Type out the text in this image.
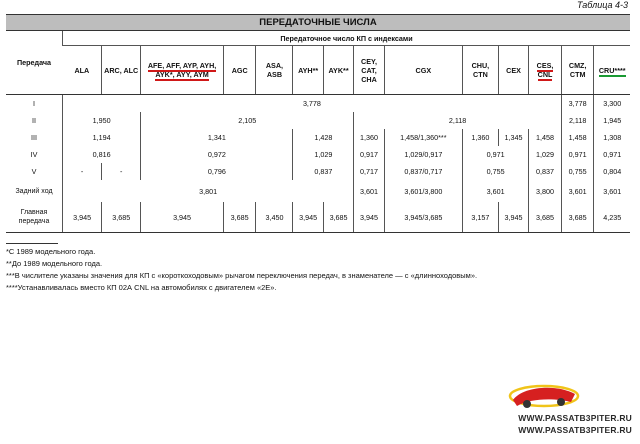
Таблица 4-3
ПЕРЕДАТОЧНЫЕ ЧИСЛА
Передача	Передаточное число КП с индексами													
	ALA	ARC, ALC	AFE, AFF, AYP, AYH, AYK*, AYY, AYM	AGC	ASA, ASB	AYH**	AYK**	CEY, CAT, CHA	CGX	CHU, CTN	CEX	CES, CNL	CMZ, CTM	CRU****
I	3,778												3,778	3,300
II	1,950		2,105					2,118					2,118	1,945
III	1,194		1,341			1,428		1,360	1,458/1,360***	1,360	1,345	1,458	1,458	1,308
IV	0,816		0,972			1,029		0,917	1,029/0,917	0,971		1,029	0,971	0,971
V	-	-	0,796			0,837		0,717	0,837/0,717	0,755		0,837	0,755	0,804
Задний ход	3,801							3,601	3,601/3,800	3,601		3,800	3,601	3,601
Главная передача	3,945	3,685	3,945	3,685	3,450	3,945	3,685	3,945	3,945/3,685	3,157	3,945	3,685	3,685	4,235
*С 1989 модельного года.
**До 1989 модельного года.
***В числителе указаны значения для КП с «короткоходовым» рычагом переключения передач, в знаменателе — с «длинноходовым».
****Устанавливалась вместо КП 02А CNL на автомобилях с двигателем «2Е».
WWW.PASSATB3PITER.RU
WWW.PASSATB3PITER.RU
